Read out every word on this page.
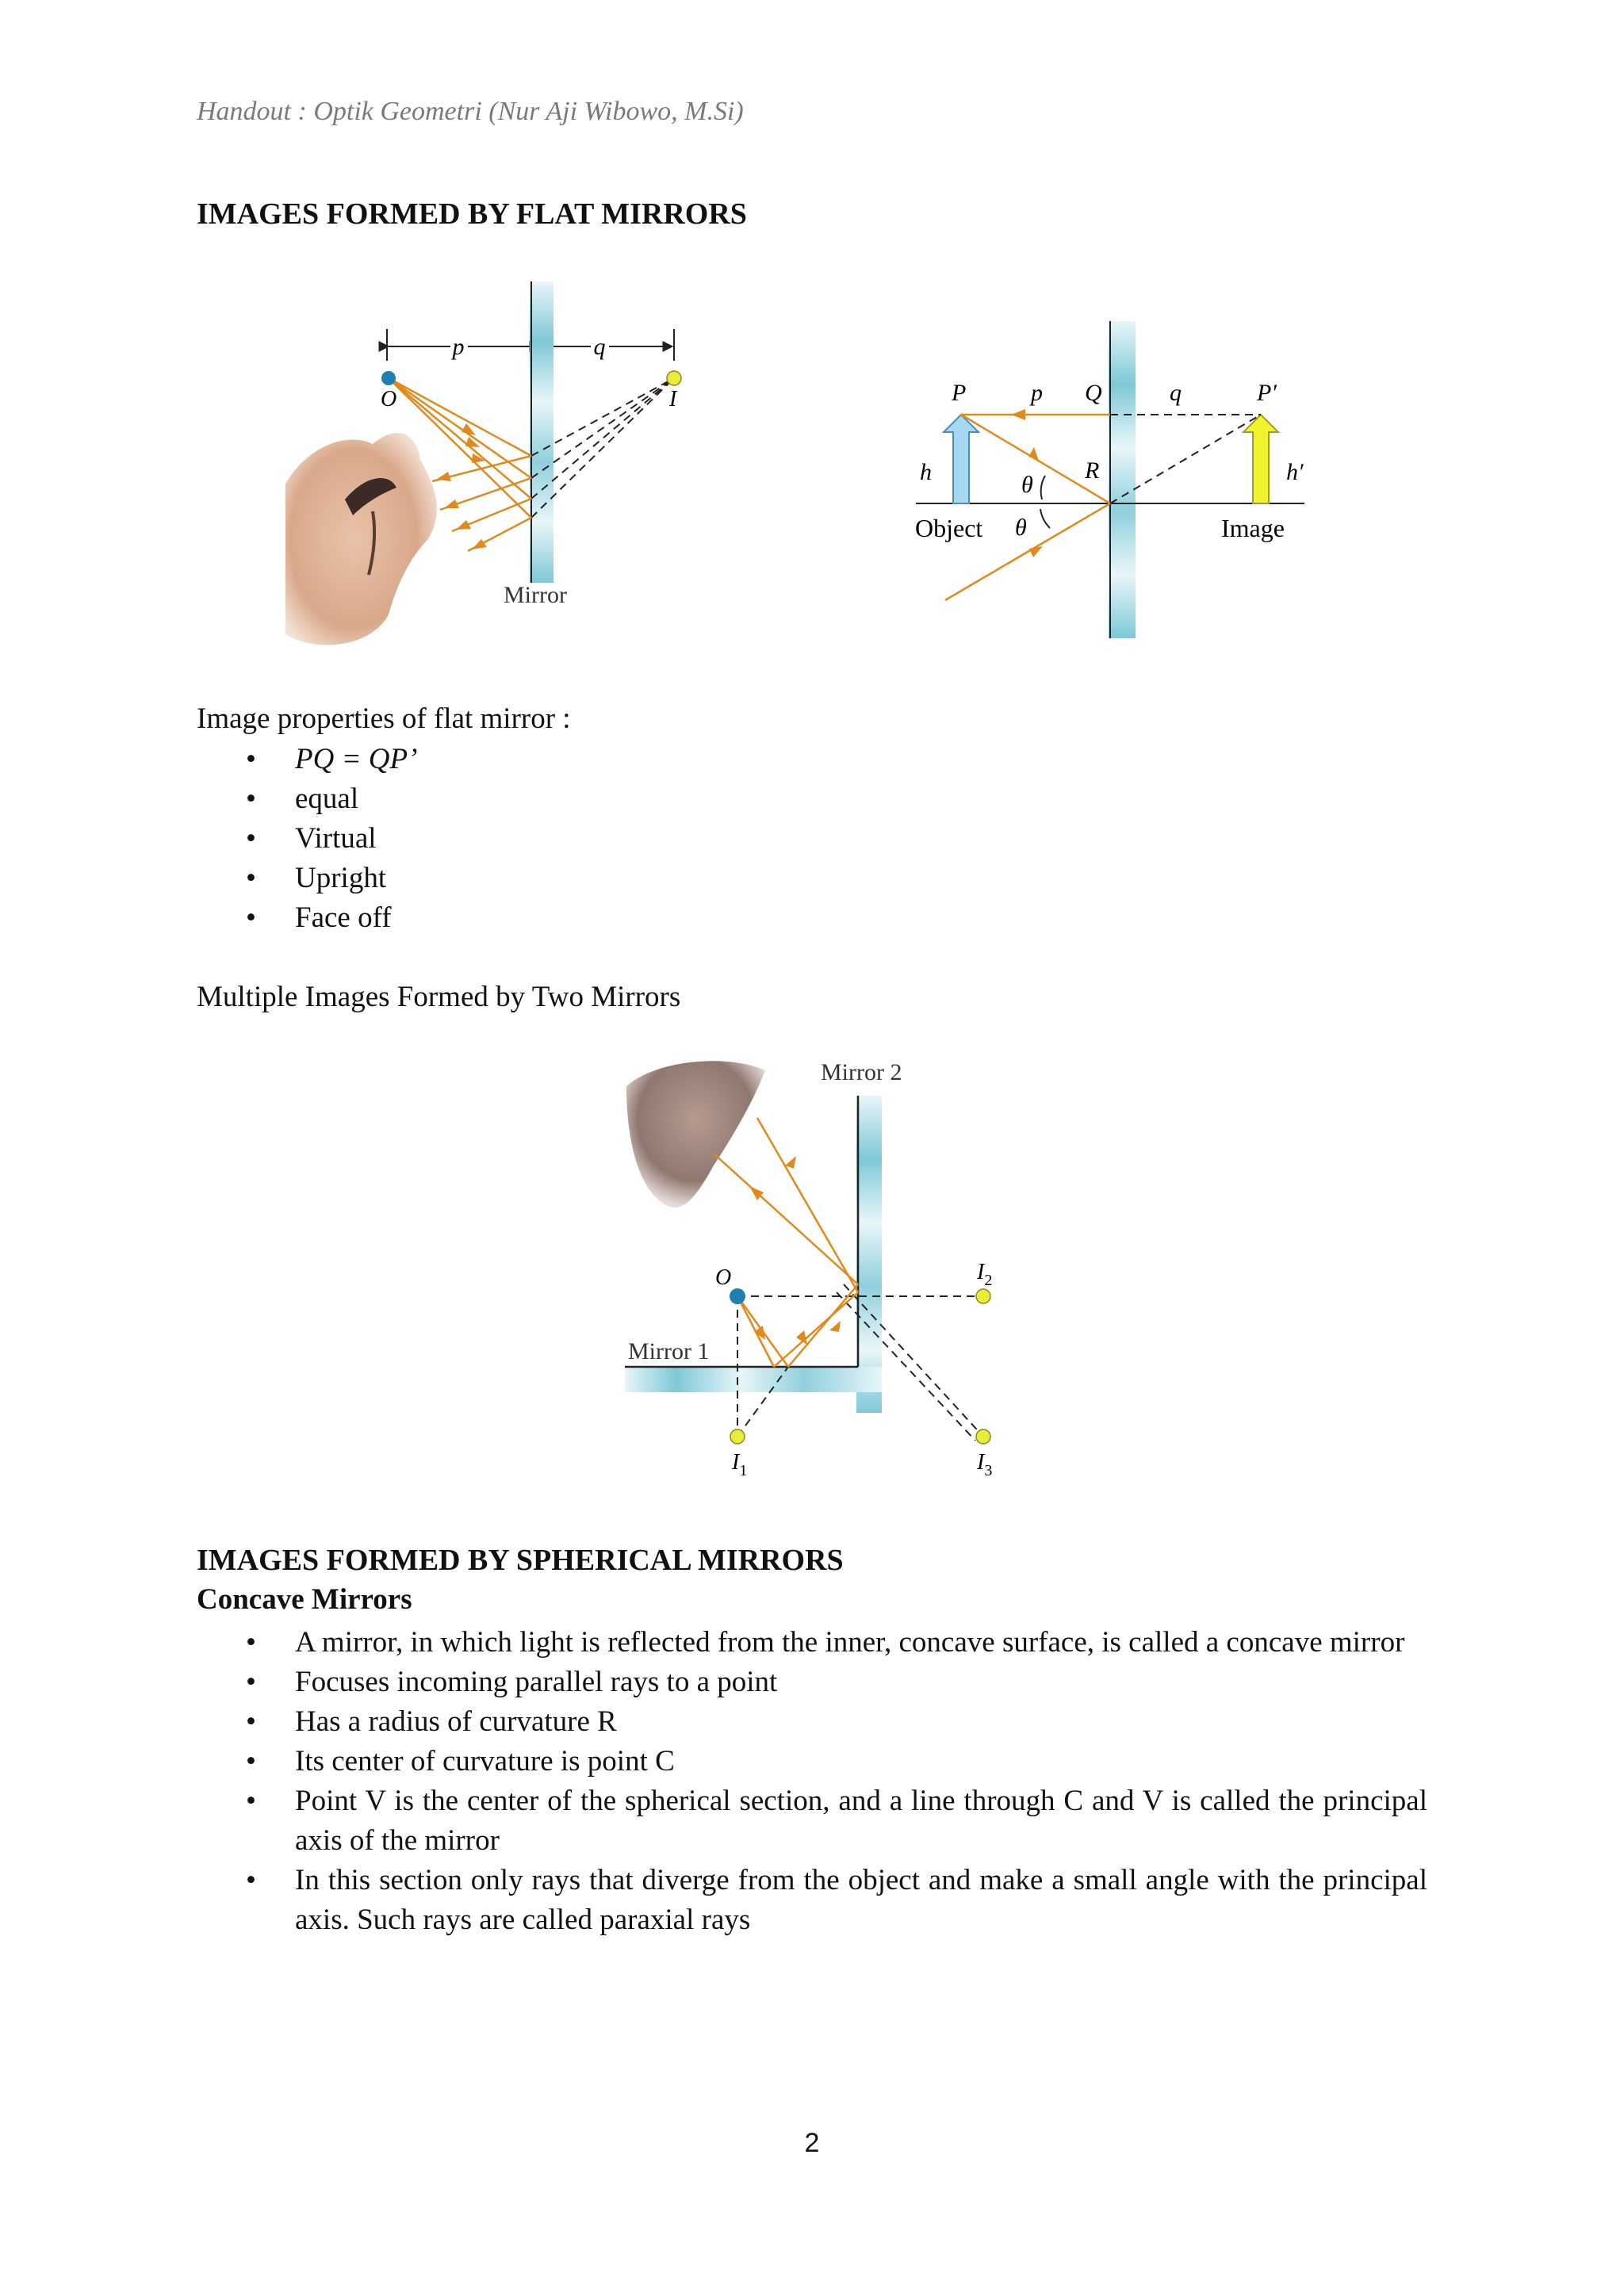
Handout : Optik Geometri (Nur Aji Wibowo, M.Si)
IMAGES FORMED BY FLAT MIRRORS
p	q
O	I
Mirror
P	p Q	q	P′
h	h′
R
θ
θ
Object	Image
Image properties of flat mirror :
• PQ = QP’
• equal
• Virtual
• Upright
• Face off
Multiple Images Formed by Two Mirrors
Mirror 2
Mirror 1
O
$I_1$
$I_2$
$I_3$
IMAGES FORMED BY SPHERICAL MIRRORS
Concave Mirrors
• A mirror, in which light is reflected from the inner, concave surface, is called a concave mirror
• Focuses incoming parallel rays to a point
• Has a radius of curvature R
• Its center of curvature is point C
• Point V is the center of the spherical section, and a line through C and V is called the principal axis of the mirror
• In this section only rays that diverge from the object and make a small angle with the principal axis. Such rays are called paraxial rays
2
